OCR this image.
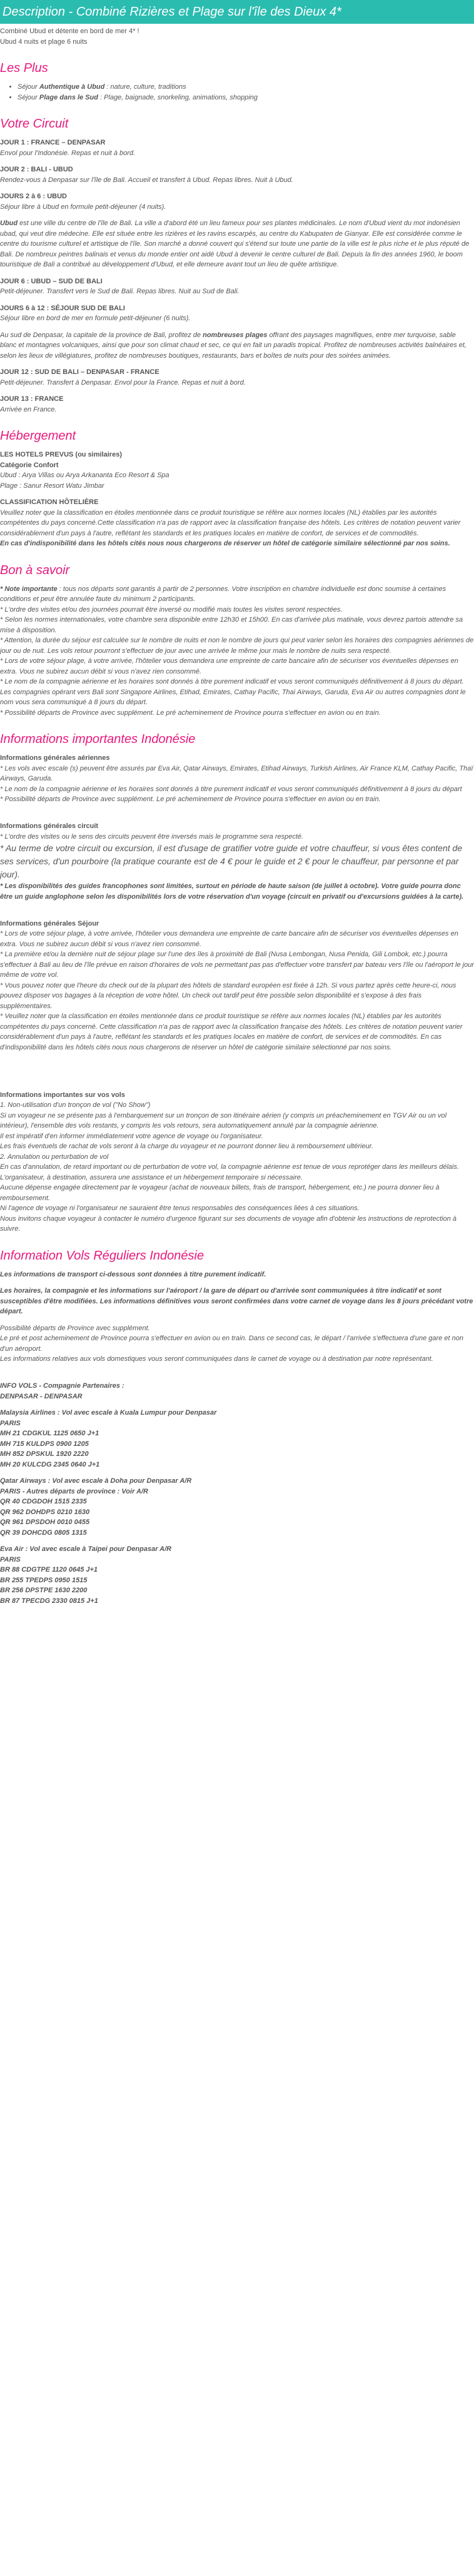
Description - Combiné Rizières et Plage sur l'île des Dieux 4*

Combiné Ubud et détente en bord de mer 4* !
Ubud 4 nuits et plage 6 nuits

Les Plus
• Séjour Authentique à Ubud : nature, culture, traditions
• Séjour Plage dans le Sud : Plage, baignade, snorkeling, animations, shopping
Votre Circuit
JOUR 1 : FRANCE – DENPASAR
Envol pour l'Indonésie. Repas et nuit à bord.
JOUR 2 : BALI - UBUD
Rendez-vous à Denpasar sur l'île de Bali. Accueil et transfert à Ubud. Repas libres. Nuit à Ubud.
JOURS 2 à 6 : UBUD
Séjour libre à Ubud en formule petit-déjeuner (4 nuits).

Ubud est une ville du centre de l'île de Bali. La ville a d'abord été un lieu fameux pour ses plantes médicinales. Le nom d'Ubud vient du mot indonésien ubad, qui veut dire médecine. Elle est située entre les rizières et les ravins escarpés, au centre du Kabupaten de Gianyar. Elle est considérée comme le centre du tourisme culturel et artistique de l'île. Son marché a donné couvert qui s'étend sur toute une partie de la ville est le plus riche et le plus réputé de Bali. De nombreux peintres balinais et venus du monde entier ont aidé Ubud à devenir le centre culturel de Bali. Depuis la fin des années 1960, le boom touristique de Bali a contribué au développement d'Ubud, et elle demeure avant tout un lieu de quête artistique.

JOUR 6 : UBUD – SUD DE BALI
Petit-déjeuner. Transfert vers le Sud de Bali. Repas libres. Nuit au Sud de Bali.
JOURS 6 à 12 : SÉJOUR SUD DE BALI
Séjour libre en bord de mer en formule petit-déjeuner (6 nuits).

Au sud de Denpasar, la capitale de la province de Bali, profitez de nombreuses plages offrant des paysages magnifiques, entre mer turquoise, sable blanc et montagnes volcaniques, ainsi que pour son climat chaud et sec, ce qui en fait un paradis tropical. Profitez de nombreuses activités balnéaires et, selon les lieux de villégiatures, profitez de nombreuses boutiques, restaurants, bars et boîtes de nuits pour des soirées animées.

JOUR 12 : SUD DE BALI – DENPASAR - FRANCE
Petit-déjeuner. Transfert à Denpasar. Envol pour la France. Repas et nuit à bord.
JOUR 13 : FRANCE
Arrivée en France.
Hébergement
LES HOTELS PREVUS (ou similaires)
Catégorie Confort
Ubud : Arya Villas ou Arya Arkananta Eco Resort & Spa
Plage : Sanur Resort Watu Jimbar
CLASSIFICATION HÔTELIÈRE
Veuillez noter que la classification en étoiles mentionnée dans ce produit touristique se réfère aux normes locales (NL) établies par les autorités compétentes du pays concerné.Cette classification n'a pas de rapport avec la classification française des hôtels. Les critères de notation peuvent varier considérablement d'un pays à l'autre, reflétant les standards et les pratiques locales en matière de confort, de services et de commodités.
En cas d'indisponibilité dans les hôtels cités nous nous chargerons de réserver un hôtel de catégorie similaire sélectionné par nos soins.
Bon à savoir
* Note importante : tous nos départs sont garantis à partir de 2 personnes. Votre inscription en chambre individuelle est donc soumise à certaines conditions et peut être annulée faute du minimum 2 participants.
* L'ordre des visites et/ou des journées pourrait être inversé ou modifié mais toutes les visites seront respectées.
* Selon les normes internationales, votre chambre sera disponible entre 12h30 et 15h00. En cas d'arrivée plus matinale, vous devrez partois attendre sa mise à disposition.
* Attention, la durée du séjour est calculée sur le nombre de nuits et non le nombre de jours qui peut varier selon les horaires des compagnies aériennes de jour ou de nuit. Les vols retour pourront s'effectuer de jour avec une arrivée le même jour mais le nombre de nuits sera respecté.
* Lors de votre séjour plage, à votre arrivée, l'hôtelier vous demandera une empreinte de carte bancaire afin de sécuriser vos éventuelles dépenses en extra. Vous ne subirez aucun débit si vous n'avez rien consommé.
* Le nom de la compagnie aérienne et les horaires sont donnés à titre purement indicatif et vous seront communiqués définitivement à 8 jours du départ. Les compagnies opérant vers Bali sont Singapore Airlines, Etihad, Emirates, Cathay Pacific, Thai Airways, Garuda, Eva Air ou autres compagnies dont le nom vous sera communiqué à 8 jours du départ.
* Possibilité départs de Province avec supplément. Le pré acheminement de Province pourra s'effectuer en avion ou en train.
Informations importantes Indonésie
Informations générales aériennes
* Les vols avec escale (s) peuvent être assurés par Eva Air, Qatar Airways, Emirates, Etihad Airways, Turkish Airlines, Air France KLM, Cathay Pacific, Thaï Airways, Garuda.
* Le nom de la compagnie aérienne et les horaires sont donnés à titre purement indicatif et vous seront communiqués définitivement à 8 jours du départ
* Possibilité départs de Province avec supplément. Le pré acheminement de Province pourra s'effectuer en avion ou en train.

Informations générales circuit
* L'ordre des visites ou le sens des circuits peuvent être inversés mais le programme sera respecté.
* Au terme de votre circuit ou excursion, il est d'usage de gratifier votre guide et votre chauffeur, si vous êtes content de ses services, d'un pourboire (la pratique courante est de 4 € pour le guide et 2 € pour le chauffeur, par personne et par jour).
* Les disponibilités des guides francophones sont limitées, surtout en période de haute saison (de juillet à octobre). Votre guide pourra donc être un guide anglophone selon les disponibilités lors de votre réservation d'un voyage (circuit en privatif ou d'excursions guidées à la carte).

Informations générales Séjour
* Lors de votre séjour plage, à votre arrivée, l'hôtelier vous demandera une empreinte de carte bancaire afin de sécuriser vos éventuelles dépenses en extra. Vous ne subirez aucun débit si vous n'avez rien consommé.
* La première et/ou la dernière nuit de séjour plage sur l'une des îles à proximité de Bali (Nusa Lembongan, Nusa Penida, Gili Lombok, etc.) pourra s'effectuer à Bali au lieu de l'île prévue en raison d'horaires de vols ne permettant pas pas d'effectuer votre transfert par bateau vers l'île ou l'aéroport le jour même de votre vol.
* Vous pouvez noter que l'heure du check out de la plupart des hôtels de standard européen est fixée à 12h. Si vous partez après cette heure-ci, nous pouvez disposer vos bagages à la réception de votre hôtel. Un check out tardif peut être possible selon disponibilité et s'expose à des frais supplémentaires.
* Veuillez noter que la classification en étoiles mentionnée dans ce produit touristique se réfère aux normes locales (NL) établies par les autorités compétentes du pays concerné. Cette classification n'a pas de rapport avec la classification française des hôtels. Les critères de notation peuvent varier considérablement d'un pays à l'autre, reflétant les standards et les pratiques locales en matière de confort, de services et de commodités. En cas d'indisponibilité dans les hôtels cités nous nous chargerons de réserver un hôtel de catégorie similaire sélectionné par nos soins.

Informations importantes sur vos vols
1. Non-utilisation d'un tronçon de vol ("No Show")
Si un voyageur ne se présente pas à l'embarquement sur un tronçon de son itinéraire aérien (y compris un préacheminement en TGV Air ou un vol intérieur), l'ensemble des vols restants, y compris les vols retours, sera automatiquement annulé par la compagnie aérienne.
Il est impératif d'en informer immédiatement votre agence de voyage ou l'organisateur.
Les frais éventuels de rachat de vols seront à la charge du voyageur et ne pourront donner lieu à remboursement ultérieur.
2. Annulation ou perturbation de vol
En cas d'annulation, de retard important ou de perturbation de votre vol, la compagnie aérienne est tenue de vous reprotéger dans les meilleurs délais.
L'organisateur, à destination, assurera une assistance et un hébergement temporaire si nécessaire.
Aucune dépense engagée directement par le voyageur (achat de nouveaux billets, frais de transport, hébergement, etc.) ne pourra donner lieu à remboursement.
Ni l'agence de voyage ni l'organisateur ne sauraient être tenus responsables des conséquences liées à ces situations.
Nous invitons chaque voyageur à contacter le numéro d'urgence figurant sur ses documents de voyage afin d'obtenir les instructions de reprotection à suivre.
Information Vols Réguliers Indonésie

Les informations de transport ci-dessous sont données à titre purement indicatif.

Les horaires, la compagnie et les informations sur l'aéroport / la gare de départ ou d'arrivée sont communiquées à titre indicatif et sont susceptibles d'être modifiées. Les informations définitives vous seront confirmées dans votre carnet de voyage dans les 8 jours précédant votre départ.

Possibilité départs de Province avec supplément.
Le pré et post acheminement de Province pourra s'effectuer en avion ou en train. Dans ce second cas, le départ / l'arrivée s'effectuera d'une gare et non d'un aéroport.
Les informations relatives aux vols domestiques vous seront communiquées dans le carnet de voyage ou à destination par notre représentant.

INFO VOLS - Compagnie Partenaires :
DENPASAR - DENPASAR
Malaysia Airlines : Vol avec escale à Kuala Lumpur pour Denpasar
PARIS
MH 21 CDGKUL 1125 0650 J+1
MH 715 KULDPS 0900 1205
MH 852 DPSKUL 1920 2220
MH 20 KULCDG 2345 0640 J+1
Qatar Airways : Vol avec escale à Doha pour Denpasar A/R
PARIS - Autres départs de province : Voir A/R
QR 40 CDGDOH 1515 2335
QR 962 DOHDPS 0210 1630
QR 961 DPSDOH 0010 0455
QR 39 DOHCDG 0805 1315
Eva Air : Vol avec escale à Taipei pour Denpasar A/R
PARIS
BR 88 CDGTPE 1120 0645 J+1
BR 255 TPEDPS 0950 1515
BR 256 DPSTPE 1630 2200
BR 87 TPECDG 2330 0815 J+1
